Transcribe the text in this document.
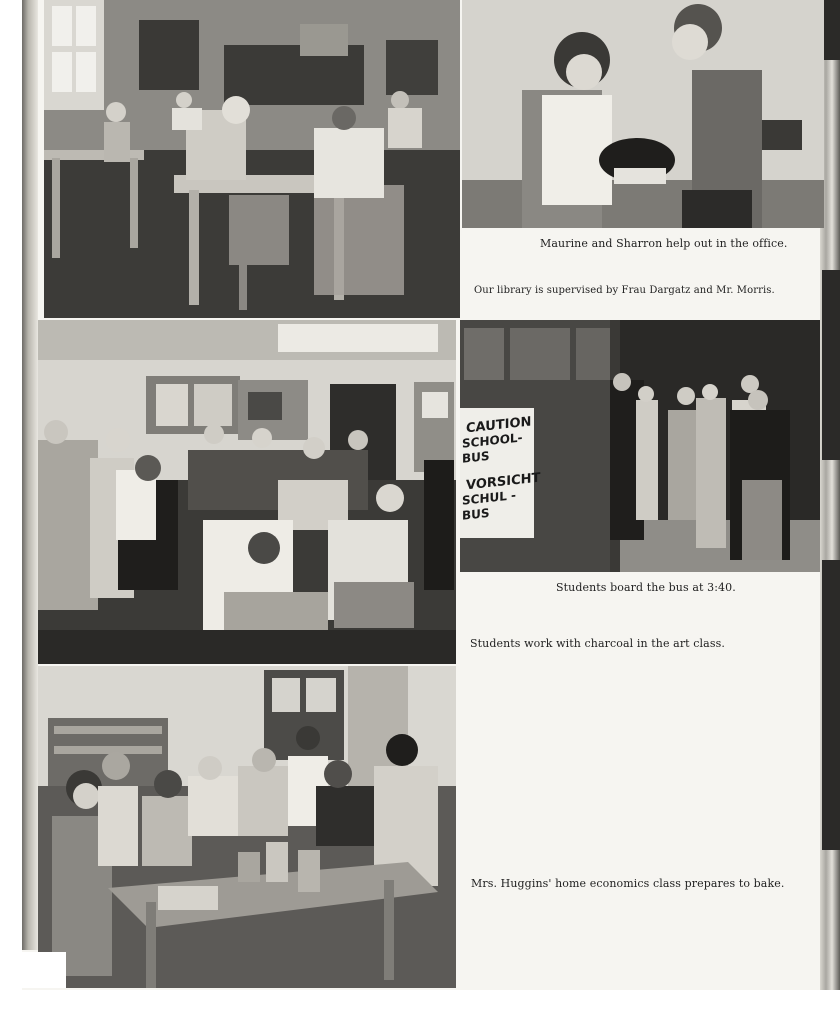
CAUTION
SCHOOL-BUS
VORSICHT
SCHUL - BUS
Maurine and Sharron help out in the office.
Our library is supervised by Frau Dargatz and Mr. Morris.
Students board the bus at 3:40.
Students work with charcoal in the art class.
Mrs. Huggins' home economics class prepares to bake.
